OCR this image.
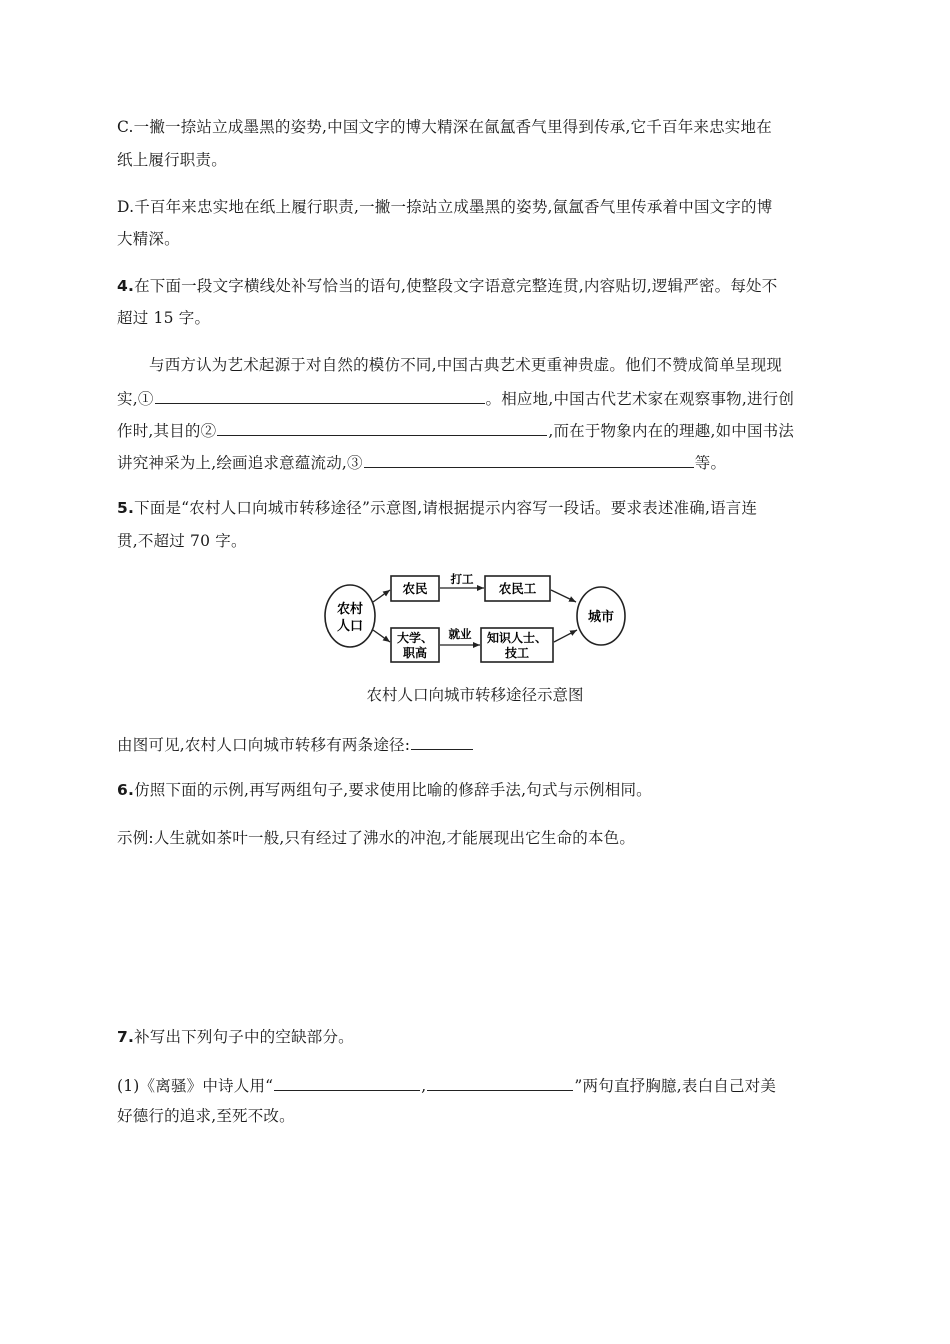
C.一撇一捺站立成墨黑的姿势,中国文字的博大精深在氤氲香气里得到传承,它千百年来忠实地在
纸上履行职责。
D.千百年来忠实地在纸上履行职责,一撇一捺站立成墨黑的姿势,氤氲香气里传承着中国文字的博
大精深。
4.在下面一段文字横线处补写恰当的语句,使整段文字语意完整连贯,内容贴切,逻辑严密。每处不
超过 15 字。
与西方认为艺术起源于对自然的模仿不同,中国古典艺术更重神贵虚。他们不赞成简单呈现现
实,①	。相应地,中国古代艺术家在观察事物,进行创
作时,其目的②	,而在于物象内在的理趣,如中国书法
讲究神采为上,绘画追求意蕴流动,③	等。
5.下面是“农村人口向城市转移途径”示意图,请根据提示内容写一段话。要求表述准确,语言连
贯,不超过 70 字。
农村
人口
农民	农民工
大学、
职高
知识人士、
技工
城市
打工
就业
农村人口向城市转移途径示意图
由图可见,农村人口向城市转移有两条途径:
6.仿照下面的示例,再写两组句子,要求使用比喻的修辞手法,句式与示例相同。
示例:人生就如茶叶一般,只有经过了沸水的冲泡,才能展现出它生命的本色。
7.补写出下列句子中的空缺部分。
(1)《离骚》中诗人用“	,	”两句直抒胸臆,表白自己对美
好德行的追求,至死不改。
